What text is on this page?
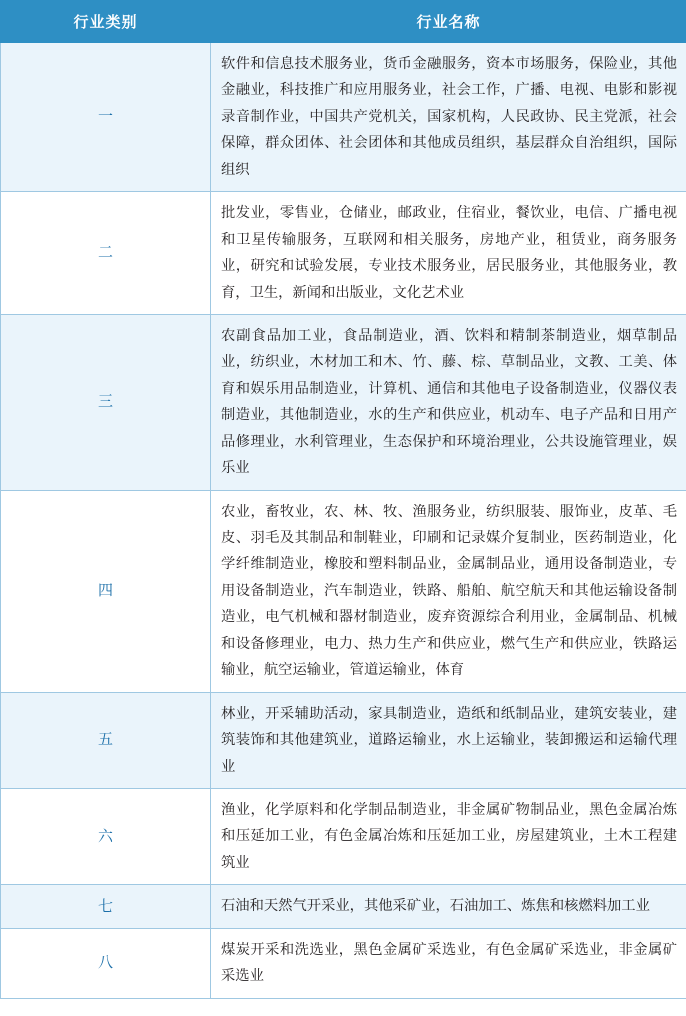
行业类别	行业名称
一	软件和信息技术服务业，货币金融服务，资本市场服务，保险业，其他金融业，科技推广和应用服务业，社会工作，广播、电视、电影和影视录音制作业，中国共产党机关，国家机构，人民政协、民主党派，社会保障，群众团体、社会团体和其他成员组织，基层群众自治组织，国际组织
二	批发业，零售业，仓储业，邮政业，住宿业，餐饮业，电信、广播电视和卫星传输服务，互联网和相关服务，房地产业，租赁业，商务服务业，研究和试验发展，专业技术服务业，居民服务业，其他服务业，教育，卫生，新闻和出版业，文化艺术业
三	农副食品加工业，食品制造业，酒、饮料和精制茶制造业，烟草制品业，纺织业，木材加工和木、竹、藤、棕、草制品业，文教、工美、体育和娱乐用品制造业，计算机、通信和其他电子设备制造业，仪器仪表制造业，其他制造业，水的生产和供应业，机动车、电子产品和日用产品修理业，水利管理业，生态保护和环境治理业，公共设施管理业，娱乐业
四	农业，畜牧业，农、林、牧、渔服务业，纺织服装、服饰业，皮革、毛皮、羽毛及其制品和制鞋业，印刷和记录媒介复制业，医药制造业，化学纤维制造业，橡胶和塑料制品业，金属制品业，通用设备制造业，专用设备制造业，汽车制造业，铁路、船舶、航空航天和其他运输设备制造业，电气机械和器材制造业，废弃资源综合利用业，金属制品、机械和设备修理业，电力、热力生产和供应业，燃气生产和供应业，铁路运输业，航空运输业，管道运输业，体育
五	林业，开采辅助活动，家具制造业，造纸和纸制品业，建筑安装业，建筑装饰和其他建筑业，道路运输业，水上运输业，装卸搬运和运输代理业
六	渔业，化学原料和化学制品制造业，非金属矿物制品业，黑色金属冶炼和压延加工业，有色金属冶炼和压延加工业，房屋建筑业，土木工程建筑业
七	石油和天然气开采业，其他采矿业，石油加工、炼焦和核燃料加工业
八	煤炭开采和洗选业，黑色金属矿采选业，有色金属矿采选业，非金属矿采选业
